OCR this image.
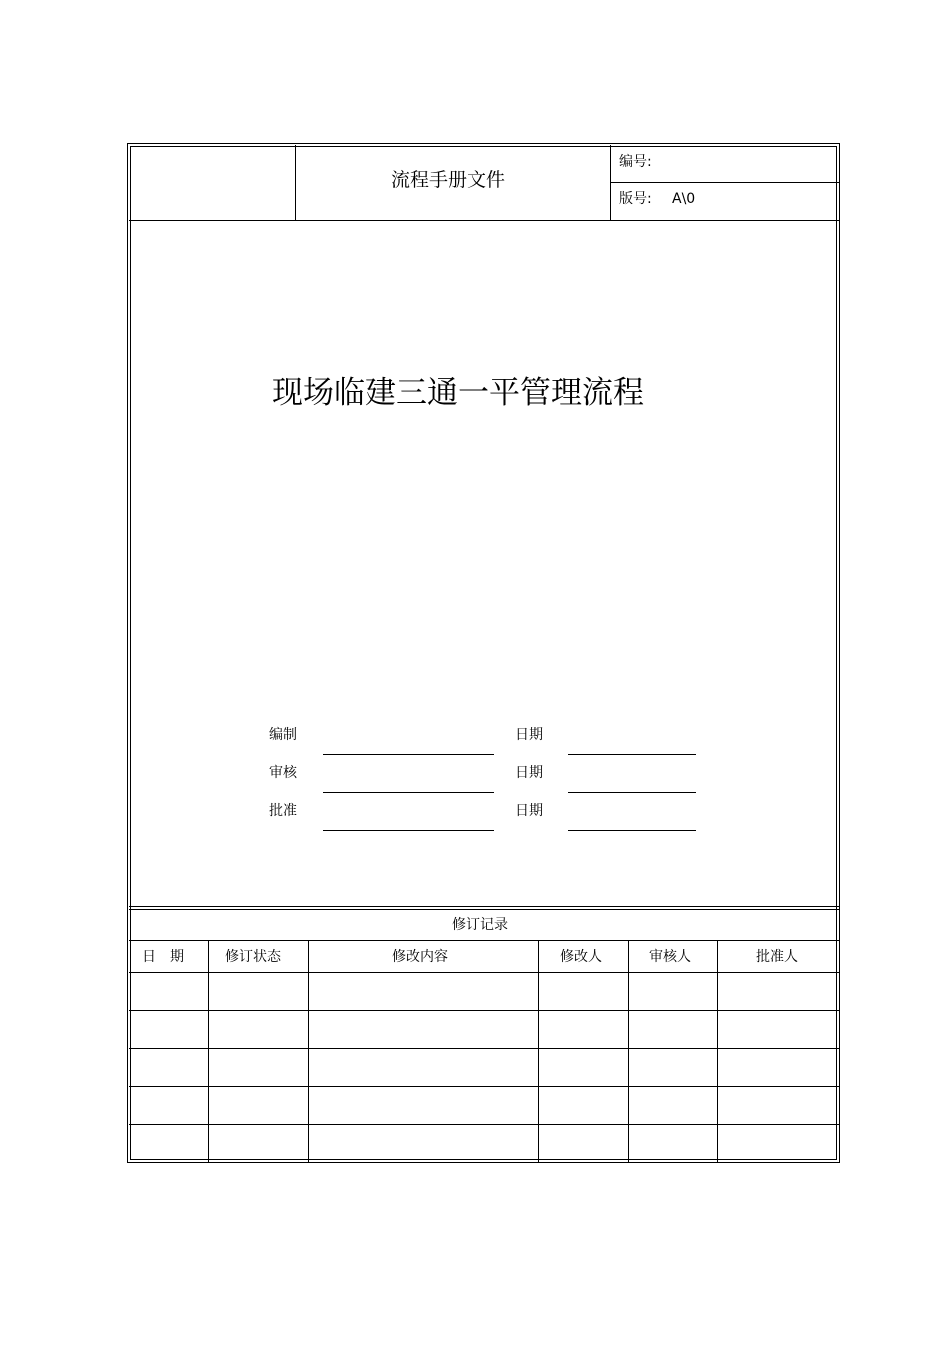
流程手册文件
编号:
版号: A\0
现场临建三通一平管理流程
编制	日期
审核	日期
批准	日期
修订记录
日　期	修订状态	修改内容	修改人	审核人	批准人
